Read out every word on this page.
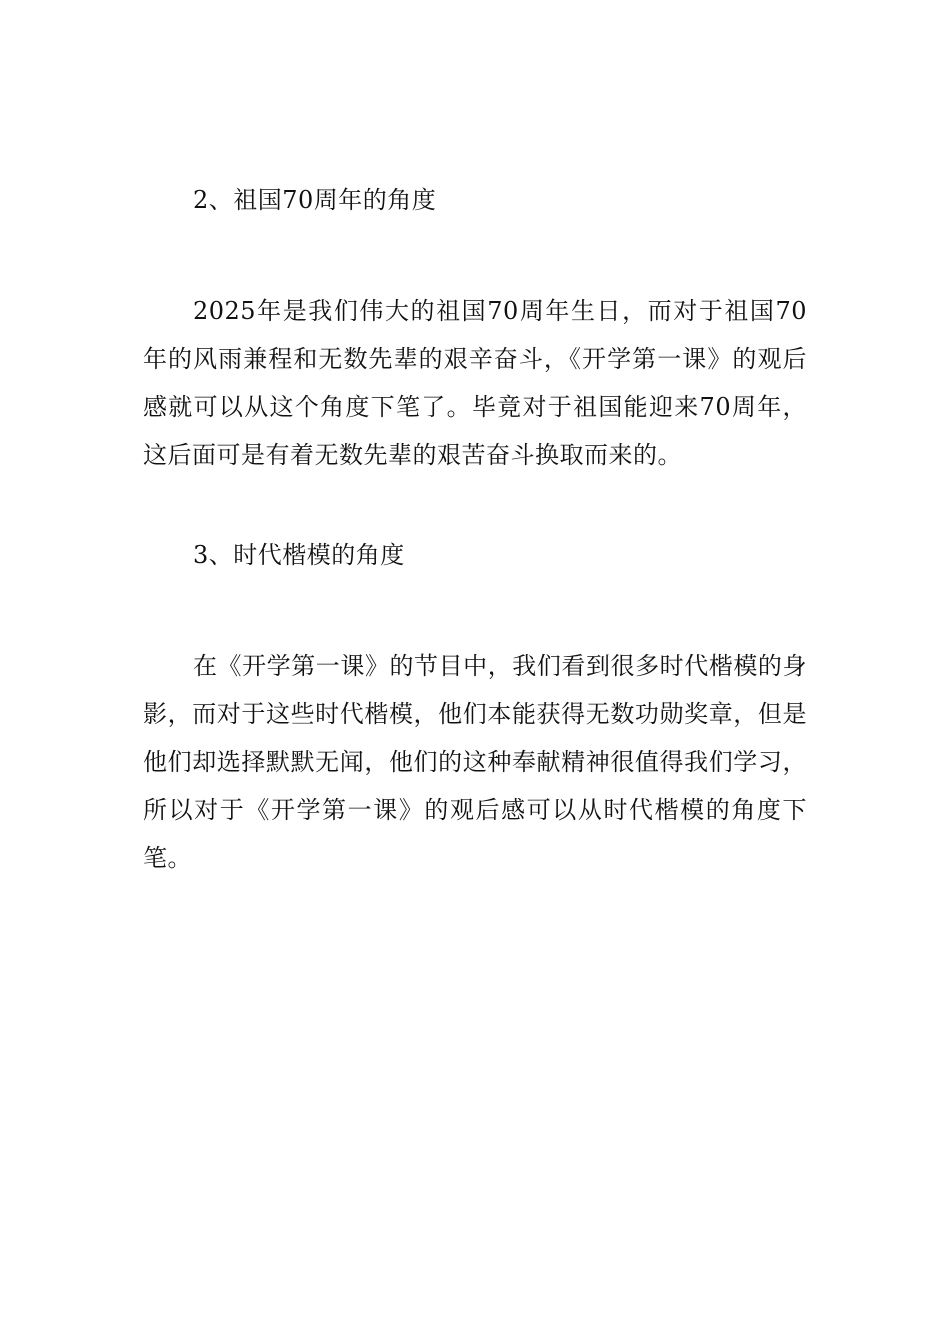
2、祖国70周年的角度

2025年是我们伟大的祖国70周年生日，而对于祖国70年的风雨兼程和无数先辈的艰辛奋斗，《开学第一课》的观后感就可以从这个角度下笔了。毕竟对于祖国能迎来70周年，这后面可是有着无数先辈的艰苦奋斗换取而来的。

3、时代楷模的角度

在《开学第一课》的节目中，我们看到很多时代楷模的身影，而对于这些时代楷模，他们本能获得无数功勋奖章，但是他们却选择默默无闻，他们的这种奉献精神很值得我们学习，所以对于《开学第一课》的观后感可以从时代楷模的角度下笔。
